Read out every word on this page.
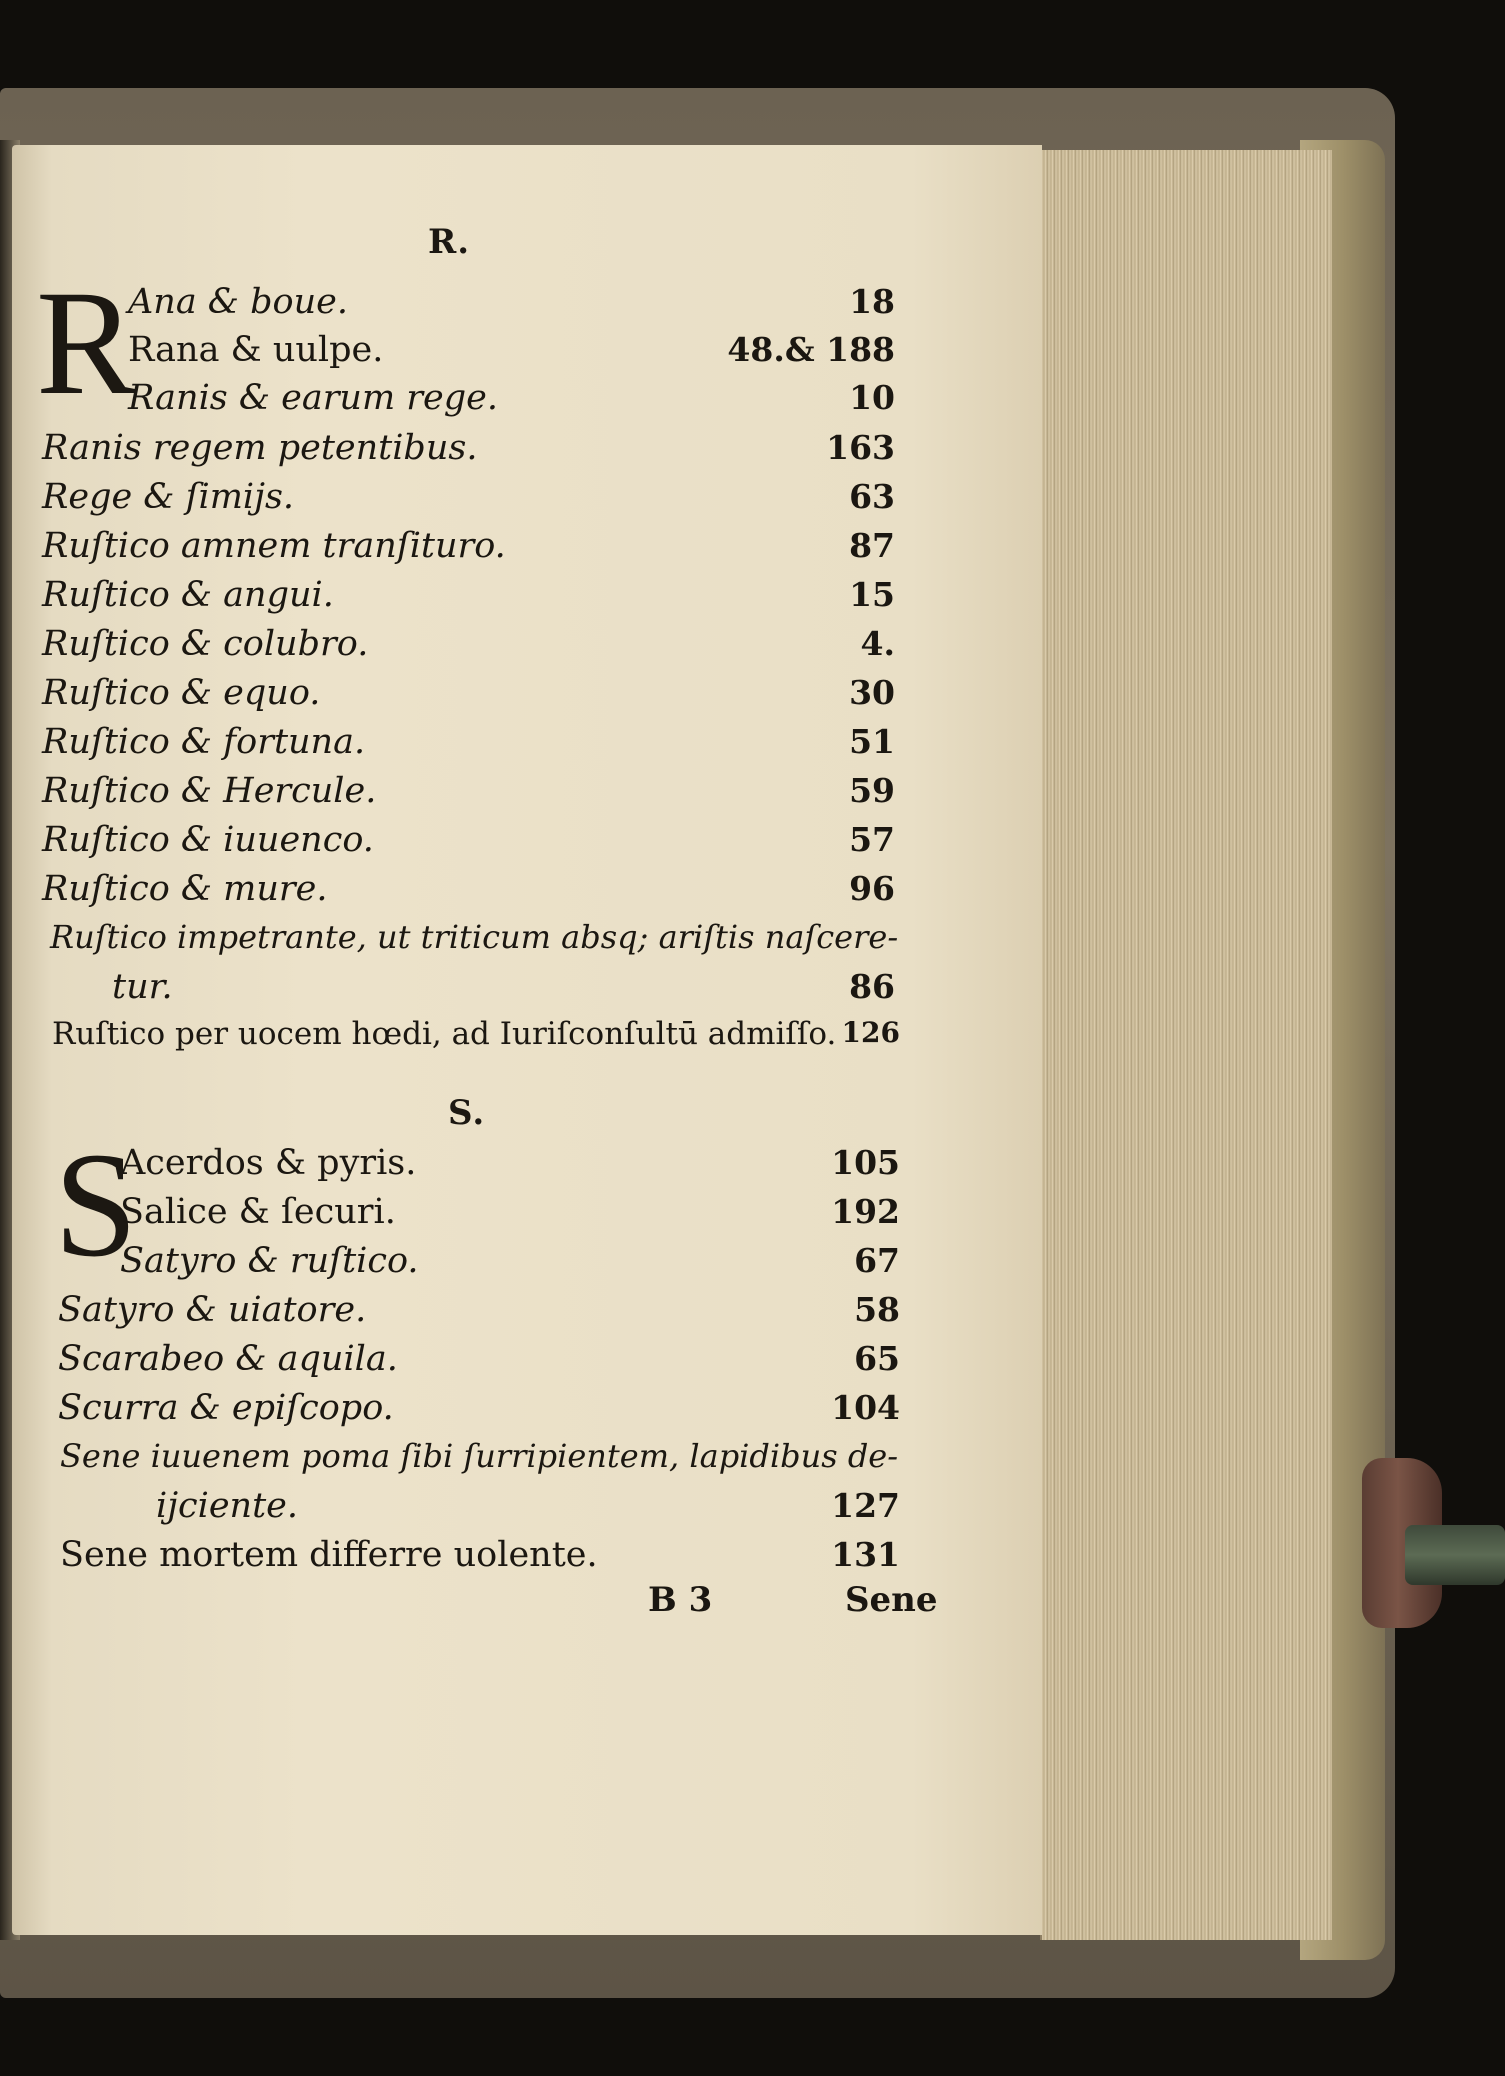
R.
R
Ana & boue.	18
Rana & uulpe.	48.& 188
Ranis & earum rege.	10
Ranis regem petentibus.	163
Rege & ſimijs.	63
Ruſtico amnem tranſituro.	87
Ruſtico & angui.	15
Ruſtico & colubro.	4.
Ruſtico & equo.	30
Ruſtico & fortuna.	51
Ruſtico & Hercule.	59
Ruſtico & iuuenco.	57
Ruſtico & mure.	96
Ruſtico impetrante, ut triticum absq; ariſtis naſcere-
tur.	86
Ruſtico per uocem hœdi, ad Iuriſconſultū admiſſo. 126
S.
S
Acerdos & pyris.	105
Salice & ſecuri.	192
Satyro & ruſtico.	67
Satyro & uiatore.	58
Scarabeo & aquila.	65
Scurra & epiſcopo.	104
Sene iuuenem poma ſibi ſurripientem, lapidibus de-
ijciente.	127
Sene mortem differre uolente.	131
B 3	Sene
